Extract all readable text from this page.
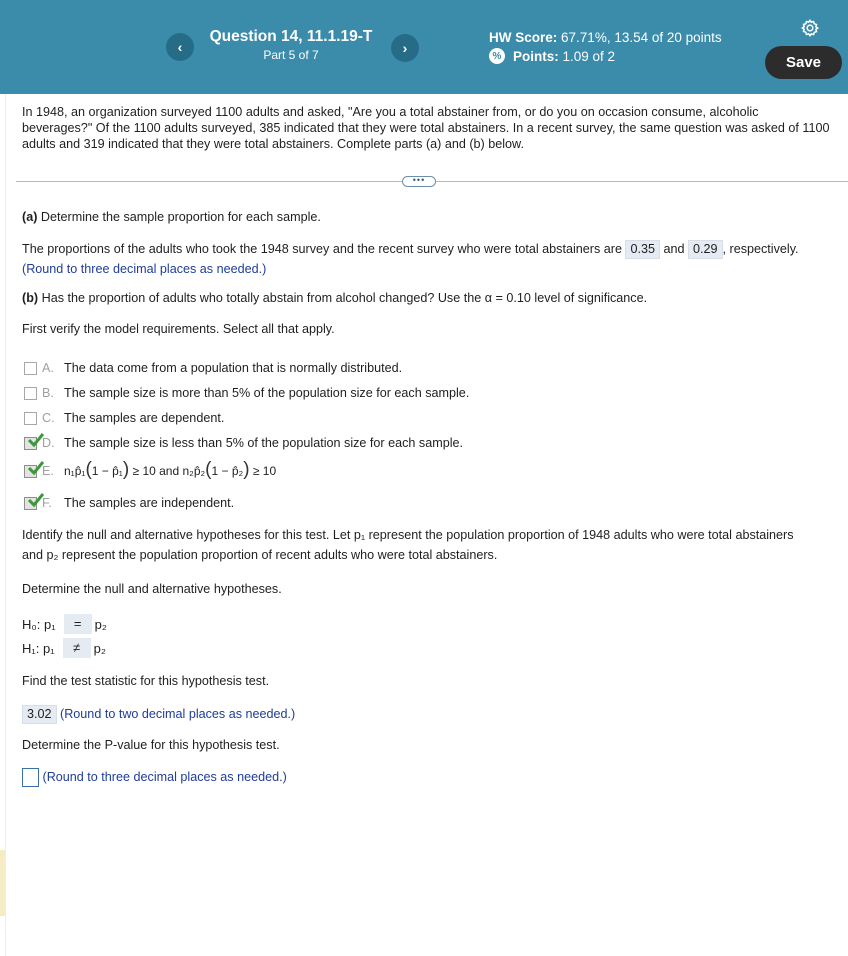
‹
Question 14, 11.1.19-T
Part 5 of 7	›
HW Score: 67.71%, 13.54 of 20 points
% Points:
1.09 of 2	Save
In 1948, an organization surveyed 1100 adults and asked, "Are you a total abstainer from, or do you on occasion consume, alcoholic beverages?" Of the 1100 adults surveyed, 385 indicated that they were total abstainers. In a recent survey, the same question was asked of 1100 adults and 319 indicated that they were total abstainers. Complete parts (a) and (b) below.
•••
(a) Determine the sample proportion for each sample.
The proportions of the adults who took the 1948 survey and the recent survey who were total abstainers are 0.35 and 0.29 , respectively.
(Round to three decimal places as needed.)
(b) Has the proportion of adults who totally abstain from alcohol changed? Use the α = 0.10 level of significance.
First verify the model requirements. Select all that apply.
A. The data come from a population that is normally distributed.
B. The sample size is more than 5% of the population size for each sample.
C. The samples are dependent.
D. The sample size is less than 5% of the population size for each sample.
E. n₁p̂₁(1 − p̂₁) ≥ 10 and n₂p̂₂(1 − p̂₂) ≥ 10
F. The samples are independent.
Identify the null and alternative hypotheses for this test. Let p₁ represent the population proportion of 1948 adults who were total abstainers
and p₂ represent the population proportion of recent adults who were total abstainers.
Determine the null and alternative hypotheses.
H₀: p₁	=	p₂
H₁: p₁	≠	p₂
Find the test statistic for this hypothesis test.
3.02 (Round to two decimal places as needed.)
Determine the P-value for this hypothesis test.
(Round to three decimal places as needed.)
